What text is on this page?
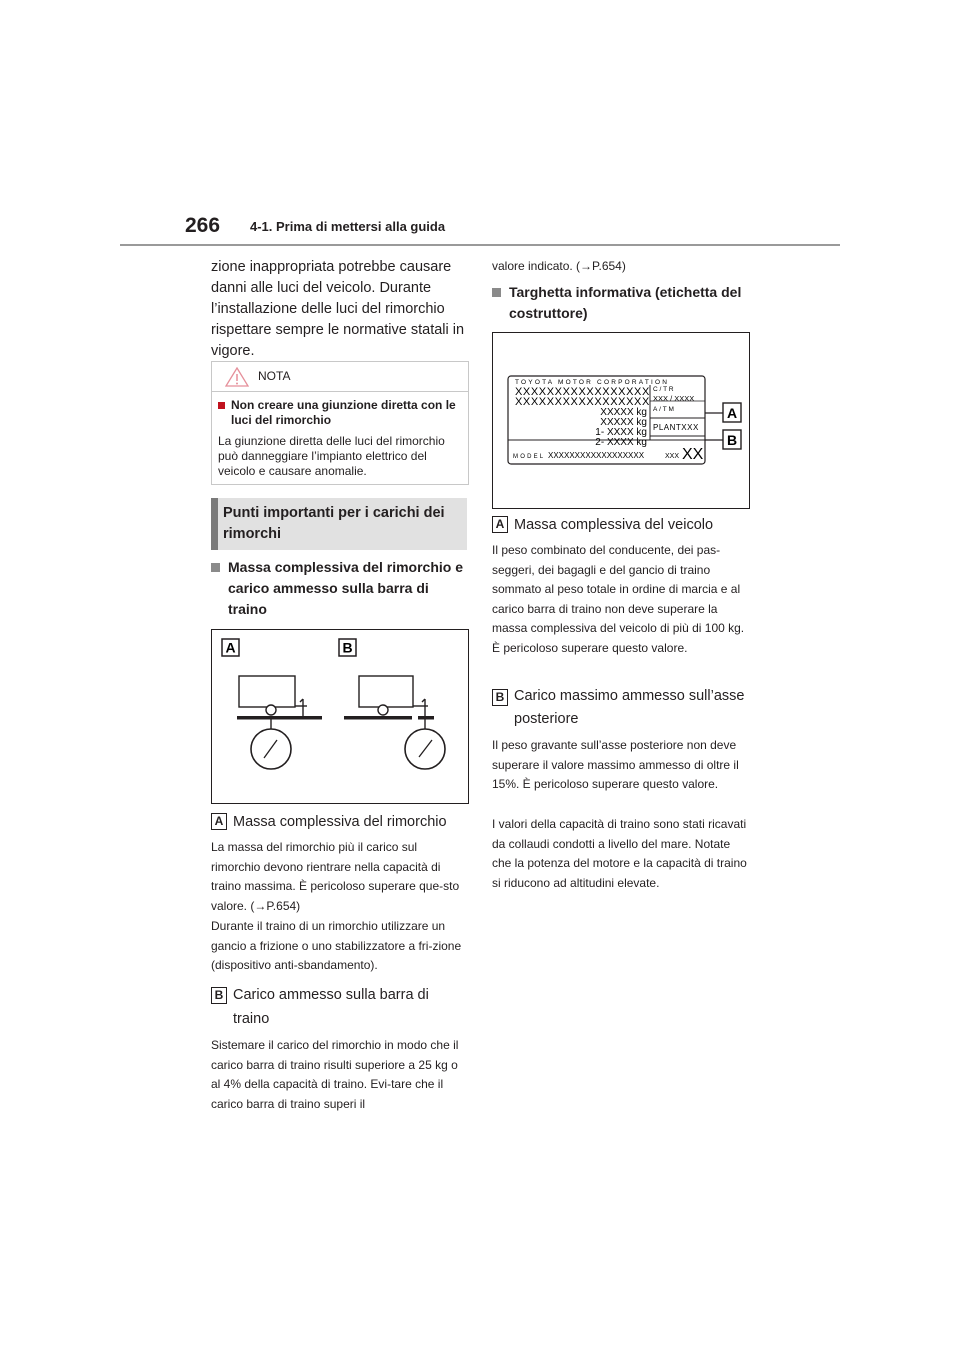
266 4-1. Prima di mettersi alla guida
zione inappropriata potrebbe causare danni alle luci del veicolo. Durante l’installazione delle luci del rimorchio rispettare sempre le normative statali in vigore.
NOTA
Non creare una giunzione diretta con le luci del rimorchio
La giunzione diretta delle luci del rimorchio può danneggiare l’impianto elettrico del veicolo e causare anomalie.
Punti importanti per i carichi dei rimorchi
Massa complessiva del rimorchio e carico ammesso sulla barra di traino
A	B
A Massa complessiva del rimorchio
La massa del rimorchio più il carico sul rimorchio devono rientrare nella capacità di traino massima. È pericoloso superare que-sto valore. (→P.654)
Durante il traino di un rimorchio utilizzare un gancio a frizione o uno stabilizzatore a fri-zione (dispositivo anti-sbandamento).
B Carico ammesso sulla barra di traino
Sistemare il carico del rimorchio in modo che il carico barra di traino risulti superiore a 25 kg o al 4% della capacità di traino. Evi-tare che il carico barra di traino superi il
valore indicato. (→P.654)
Targhetta informativa (etichetta del costruttore)
TOYOTA MOTOR CORPORATION
XXXXXXXXXXXXXXXXX
XXXXXXXXXXXXXXXXX
XXXXX kg
XXXXX kg
1- XXXX kg
2- XXXX kg
C/TR
XXX / XXXX
A/TM
PLANTXXX
MODEL XXXXXXXXXXXXXXXXXX	XXX XX
A
B
A Massa complessiva del veicolo
Il peso combinato del conducente, dei pas-seggeri, dei bagagli e del gancio di traino sommato al peso totale in ordine di marcia e al carico barra di traino non deve superare la massa complessiva del veicolo di più di 100 kg. È pericoloso superare questo valore.
B Carico massimo ammesso sull’asse posteriore
Il peso gravante sull’asse posteriore non deve superare il valore massimo ammesso di oltre il 15%. È pericoloso superare questo valore.
I valori della capacità di traino sono stati ricavati da collaudi condotti a livello del mare. Notate che la potenza del motore e la capacità di traino si riducono ad altitudini elevate.
